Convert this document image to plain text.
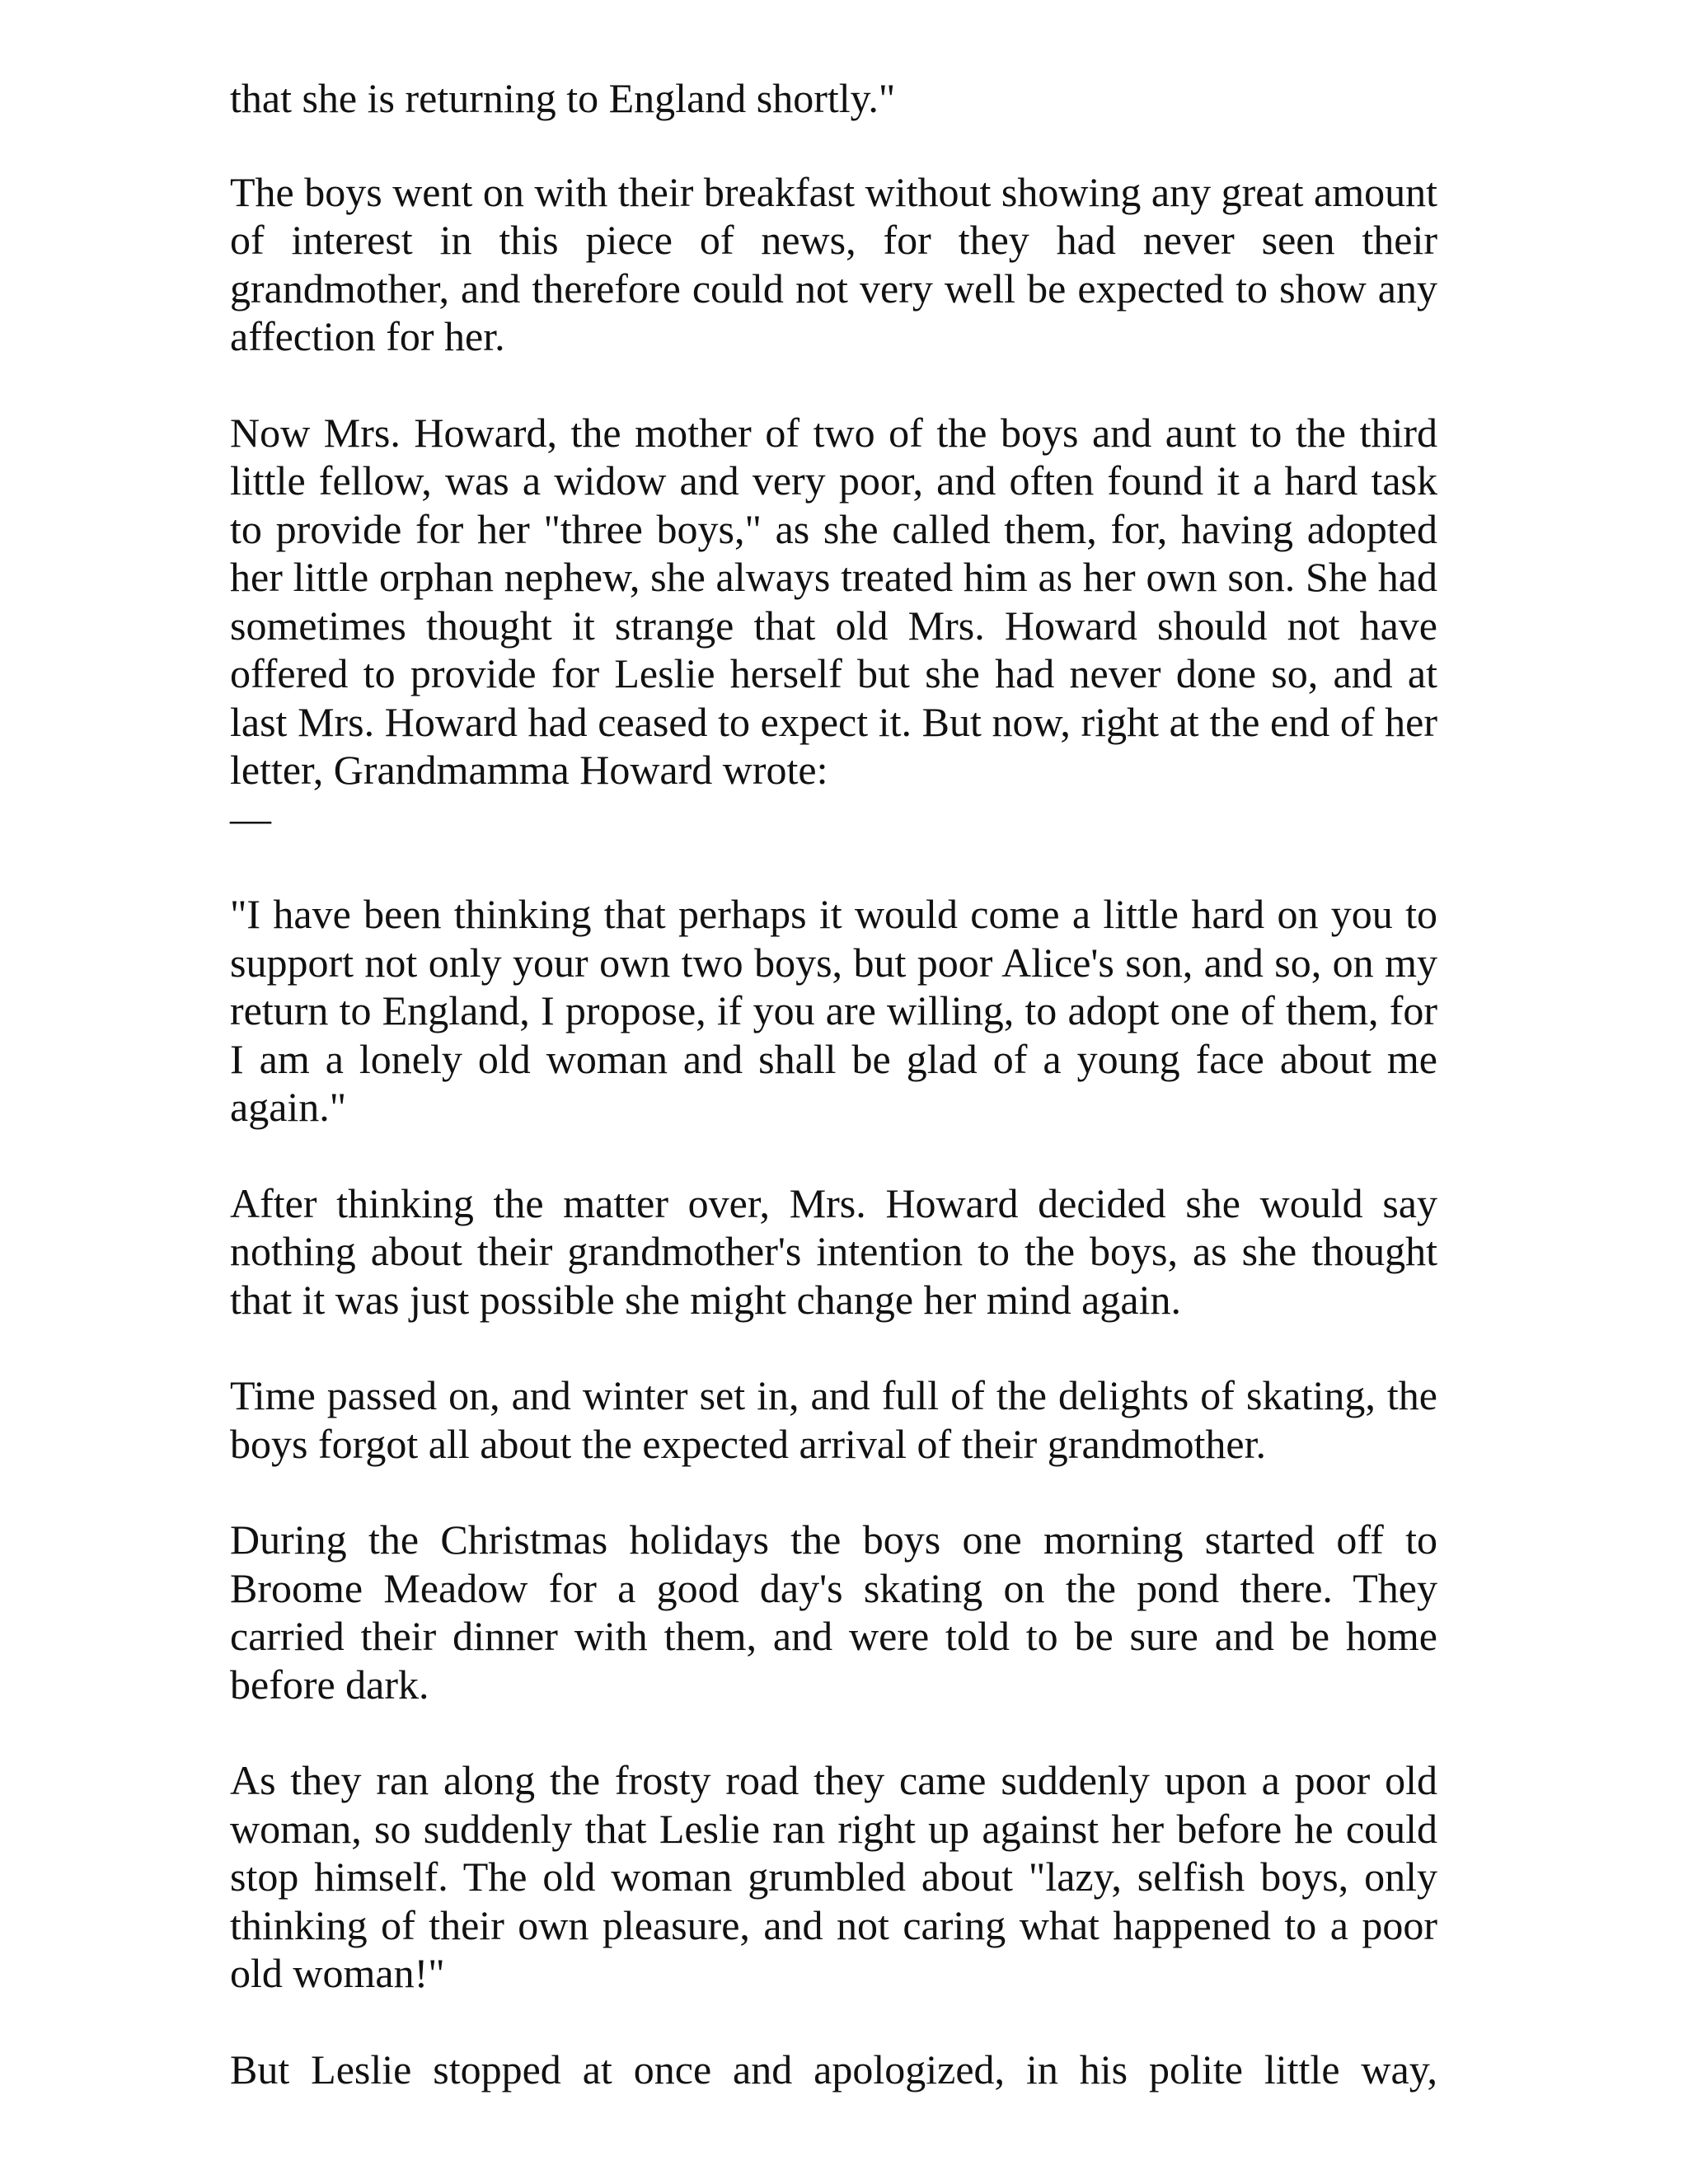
that she is returning to England shortly."

The boys went on with their breakfast without showing any great amount of interest in this piece of news, for they had never seen their grandmother, and therefore could not very well be expected to show any affection for her.

Now Mrs. Howard, the mother of two of the boys and aunt to the third little fellow, was a widow and very poor, and often found it a hard task to provide for her "three boys," as she called them, for, having adopted her little orphan nephew, she always treated him as her own son. She had sometimes thought it strange that old Mrs. Howard should not have offered to provide for Leslie herself but she had never done so, and at last Mrs. Howard had ceased to expect it. But now, right at the end of her letter, Grandmamma Howard wrote:
—

"I have been thinking that perhaps it would come a little hard on you to support not only your own two boys, but poor Alice's son, and so, on my return to England, I propose, if you are willing, to adopt one of them, for I am a lonely old woman and shall be glad of a young face about me again."

After thinking the matter over, Mrs. Howard decided she would say nothing about their grandmother's intention to the boys, as she thought that it was just possible she might change her mind again.

Time passed on, and winter set in, and full of the delights of skating, the boys forgot all about the expected arrival of their grandmother.

During the Christmas holidays the boys one morning started off to Broome Meadow for a good day's skating on the pond there. They carried their dinner with them, and were told to be sure and be home before dark.

As they ran along the frosty road they came suddenly upon a poor old woman, so suddenly that Leslie ran right up against her before he could stop himself. The old woman grumbled about "lazy, selfish boys, only thinking of their own pleasure, and not caring what happened to a poor old woman!"

But Leslie stopped at once and apologized, in his polite little way,
